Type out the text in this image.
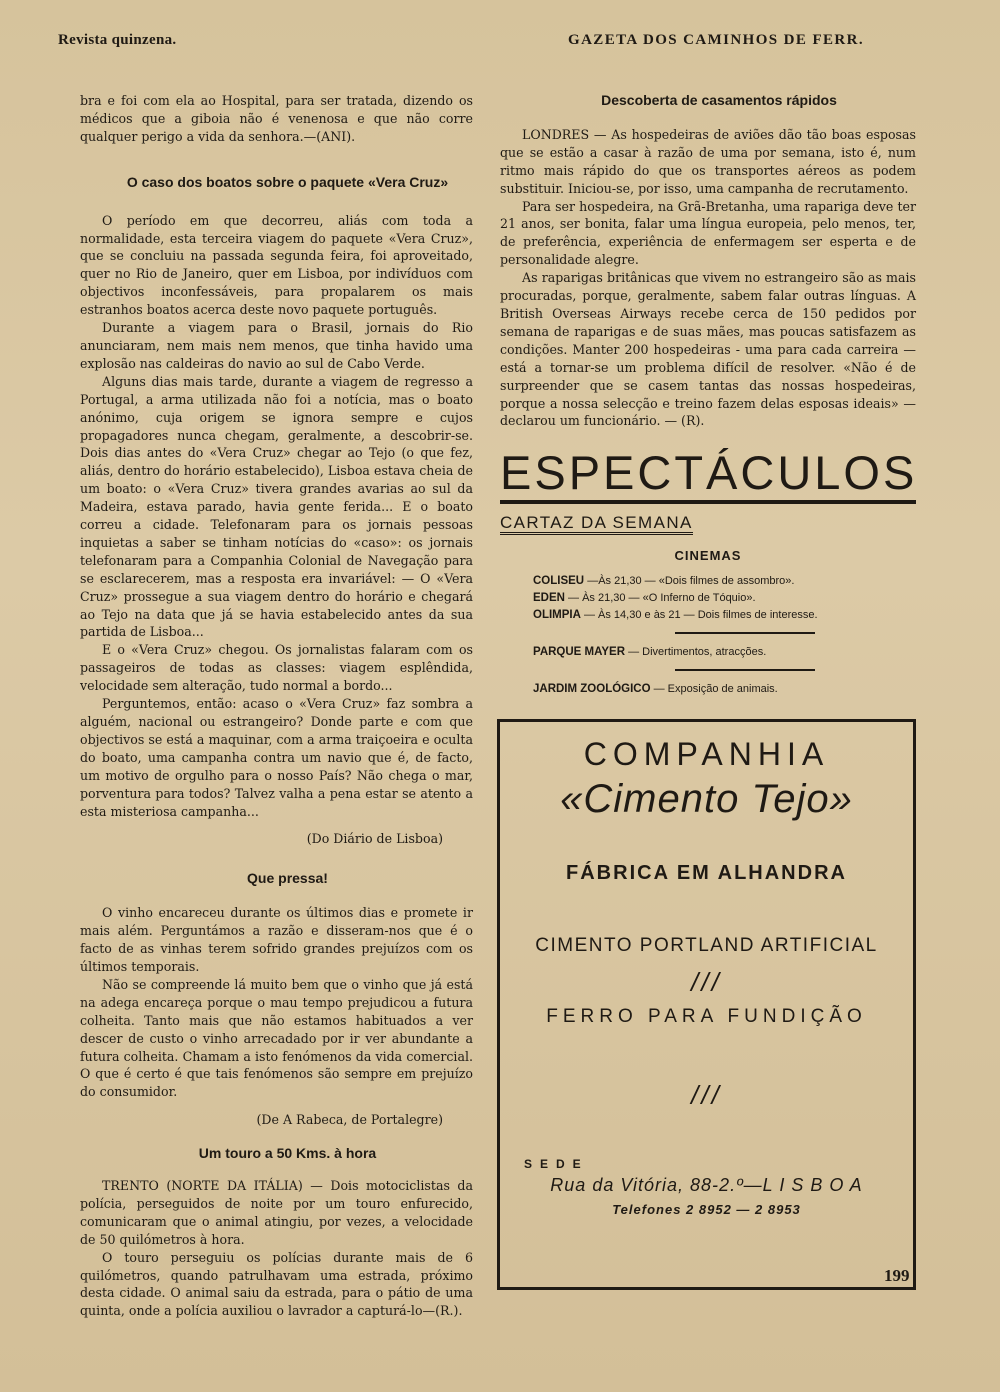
Revista quinzena.	GAZETA DOS CAMINHOS DE FERR.

bra e foi com ela ao Hospital, para ser tratada, dizendo os médicos que a giboia não é venenosa e que não corre qualquer perigo a vida da senhora.—(ANI).

O caso dos boatos sobre o paquete «Vera Cruz»

O período em que decorreu, aliás com toda a normalidade, esta terceira viagem do paquete «Vera Cruz», que se concluiu na passada segunda feira, foi aproveitado, quer no Rio de Janeiro, quer em Lisboa, por indivíduos com objectivos inconfessáveis, para propalarem os mais estranhos boatos acerca deste novo paquete português.

Durante a viagem para o Brasil, jornais do Rio anunciaram, nem mais nem menos, que tinha havido uma explosão nas caldeiras do navio ao sul de Cabo Verde.

Alguns dias mais tarde, durante a viagem de regresso a Portugal, a arma utilizada não foi a notícia, mas o boato anónimo, cuja origem se ignora sempre e cujos propagadores nunca chegam, geralmente, a descobrir-se. Dois dias antes do «Vera Cruz» chegar ao Tejo (o que fez, aliás, dentro do horário estabelecido), Lisboa estava cheia de um boato: o «Vera Cruz» tivera grandes avarias ao sul da Madeira, estava parado, havia gente ferida... E o boato correu a cidade. Telefonaram para os jornais pessoas inquietas a saber se tinham notícias do «caso»: os jornais telefonaram para a Companhia Colonial de Navegação para se esclarecerem, mas a resposta era invariável: — O «Vera Cruz» prossegue a sua viagem dentro do horário e chegará ao Tejo na data que já se havia estabelecido antes da sua partida de Lisboa...

E o «Vera Cruz» chegou. Os jornalistas falaram com os passageiros de todas as classes: viagem esplêndida, velocidade sem alteração, tudo normal a bordo...

Perguntemos, então: acaso o «Vera Cruz» faz sombra a alguém, nacional ou estrangeiro? Donde parte e com que objectivos se está a maquinar, com a arma traiçoeira e oculta do boato, uma campanha contra um navio que é, de facto, um motivo de orgulho para o nosso País? Não chega o mar, porventura para todos? Talvez valha a pena estar se atento a esta misteriosa campanha...

(Do Diário de Lisboa)

Que pressa!

O vinho encareceu durante os últimos dias e promete ir mais além. Perguntámos a razão e disseram-nos que é o facto de as vinhas terem sofrido grandes prejuízos com os últimos temporais.

Não se compreende lá muito bem que o vinho que já está na adega encareça porque o mau tempo prejudicou a futura colheita. Tanto mais que não estamos habituados a ver descer de custo o vinho arrecadado por ir ver abundante a futura colheita. Chamam a isto fenómenos da vida comercial. O que é certo é que tais fenómenos são sempre em prejuízo do consumidor.

(De A Rabeca, de Portalegre)

Um touro a 50 Kms. à hora

TRENTO (NORTE DA ITÁLIA) — Dois motociclistas da polícia, perseguidos de noite por um touro enfurecido, comunicaram que o animal atingiu, por vezes, a velocidade de 50 quilómetros à hora.

O touro perseguiu os polícias durante mais de 6 quilómetros, quando patrulhavam uma estrada, próximo desta cidade. O animal saiu da estrada, para o pátio de uma quinta, onde a polícia auxiliou o lavrador a capturá-lo—(R.).

Descoberta de casamentos rápidos

LONDRES — As hospedeiras de aviões dão tão boas esposas que se estão a casar à razão de uma por semana, isto é, num ritmo mais rápido do que os transportes aéreos as podem substituir. Iniciou-se, por isso, uma campanha de recrutamento.

Para ser hospedeira, na Grã-Bretanha, uma rapariga deve ter 21 anos, ser bonita, falar uma língua europeia, pelo menos, ter, de preferência, experiência de enfermagem ser esperta e de personalidade alegre.

As raparigas britânicas que vivem no estrangeiro são as mais procuradas, porque, geralmente, sabem falar outras línguas. A British Overseas Airways recebe cerca de 150 pedidos por semana de raparigas e de suas mães, mas poucas satisfazem as condições. Manter 200 hospedeiras - uma para cada carreira — está a tornar-se um problema difícil de resolver. «Não é de surpreender que se casem tantas das nossas hospedeiras, porque a nossa selecção e treino fazem delas esposas ideais» — declarou um funcionário. — (R).

ESPECTÁCULOS
CARTAZ DA SEMANA
CINEMAS
COLISEU —Às 21,30 — «Dois filmes de assombro».
EDEN — Às 21,30 — «O Inferno de Tóquio».
OLIMPIA — Às 14,30 e às 21 — Dois filmes de interesse.
PARQUE MAYER — Divertimentos, atracções.
JARDIM ZOOLÓGICO — Exposição de animais.
COMPANHIA
«Cimento Tejo»
FÁBRICA EM ALHANDRA
CIMENTO PORTLAND ARTIFICIAL
///
FERRO PARA FUNDIÇÃO
///
SEDE
Rua da Vitória, 88-2.º—L I S B O A
Telefones 2 8952 — 2 8953
199
